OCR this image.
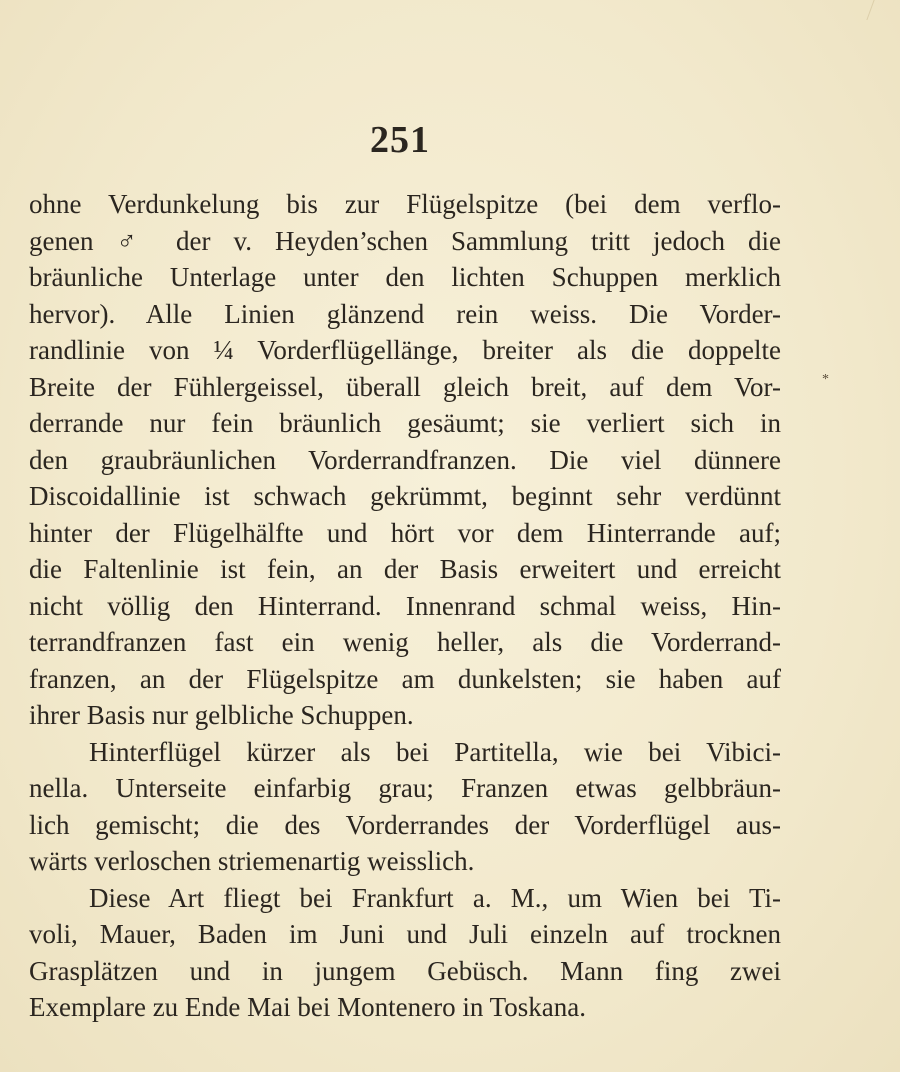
251
*
ohne Verdunkelung bis zur Flügelspitze (bei dem verflo-
genen ♂ der v. Heyden’schen Sammlung tritt jedoch die
bräunliche Unterlage unter den lichten Schuppen merklich
hervor). Alle Linien glänzend rein weiss. Die Vorder-
randlinie von ¼ Vorderflügellänge, breiter als die doppelte
Breite der Fühlergeissel, überall gleich breit, auf dem Vor-
derrande nur fein bräunlich gesäumt; sie verliert sich in
den graubräunlichen Vorderrandfranzen. Die viel dünnere
Discoidallinie ist schwach gekrümmt, beginnt sehr verdünnt
hinter der Flügelhälfte und hört vor dem Hinterrande auf;
die Faltenlinie ist fein, an der Basis erweitert und erreicht
nicht völlig den Hinterrand. Innenrand schmal weiss, Hin-
terrandfranzen fast ein wenig heller, als die Vorderrand-
franzen, an der Flügelspitze am dunkelsten; sie haben auf
ihrer Basis nur gelbliche Schuppen.
Hinterflügel kürzer als bei Partitella, wie bei Vibici-
nella. Unterseite einfarbig grau; Franzen etwas gelbbräun-
lich gemischt; die des Vorderrandes der Vorderflügel aus-
wärts verloschen striemenartig weisslich.
Diese Art fliegt bei Frankfurt a. M., um Wien bei Ti-
voli, Mauer, Baden im Juni und Juli einzeln auf trocknen
Grasplätzen und in jungem Gebüsch. Mann fing zwei
Exemplare zu Ende Mai bei Montenero in Toskana.
